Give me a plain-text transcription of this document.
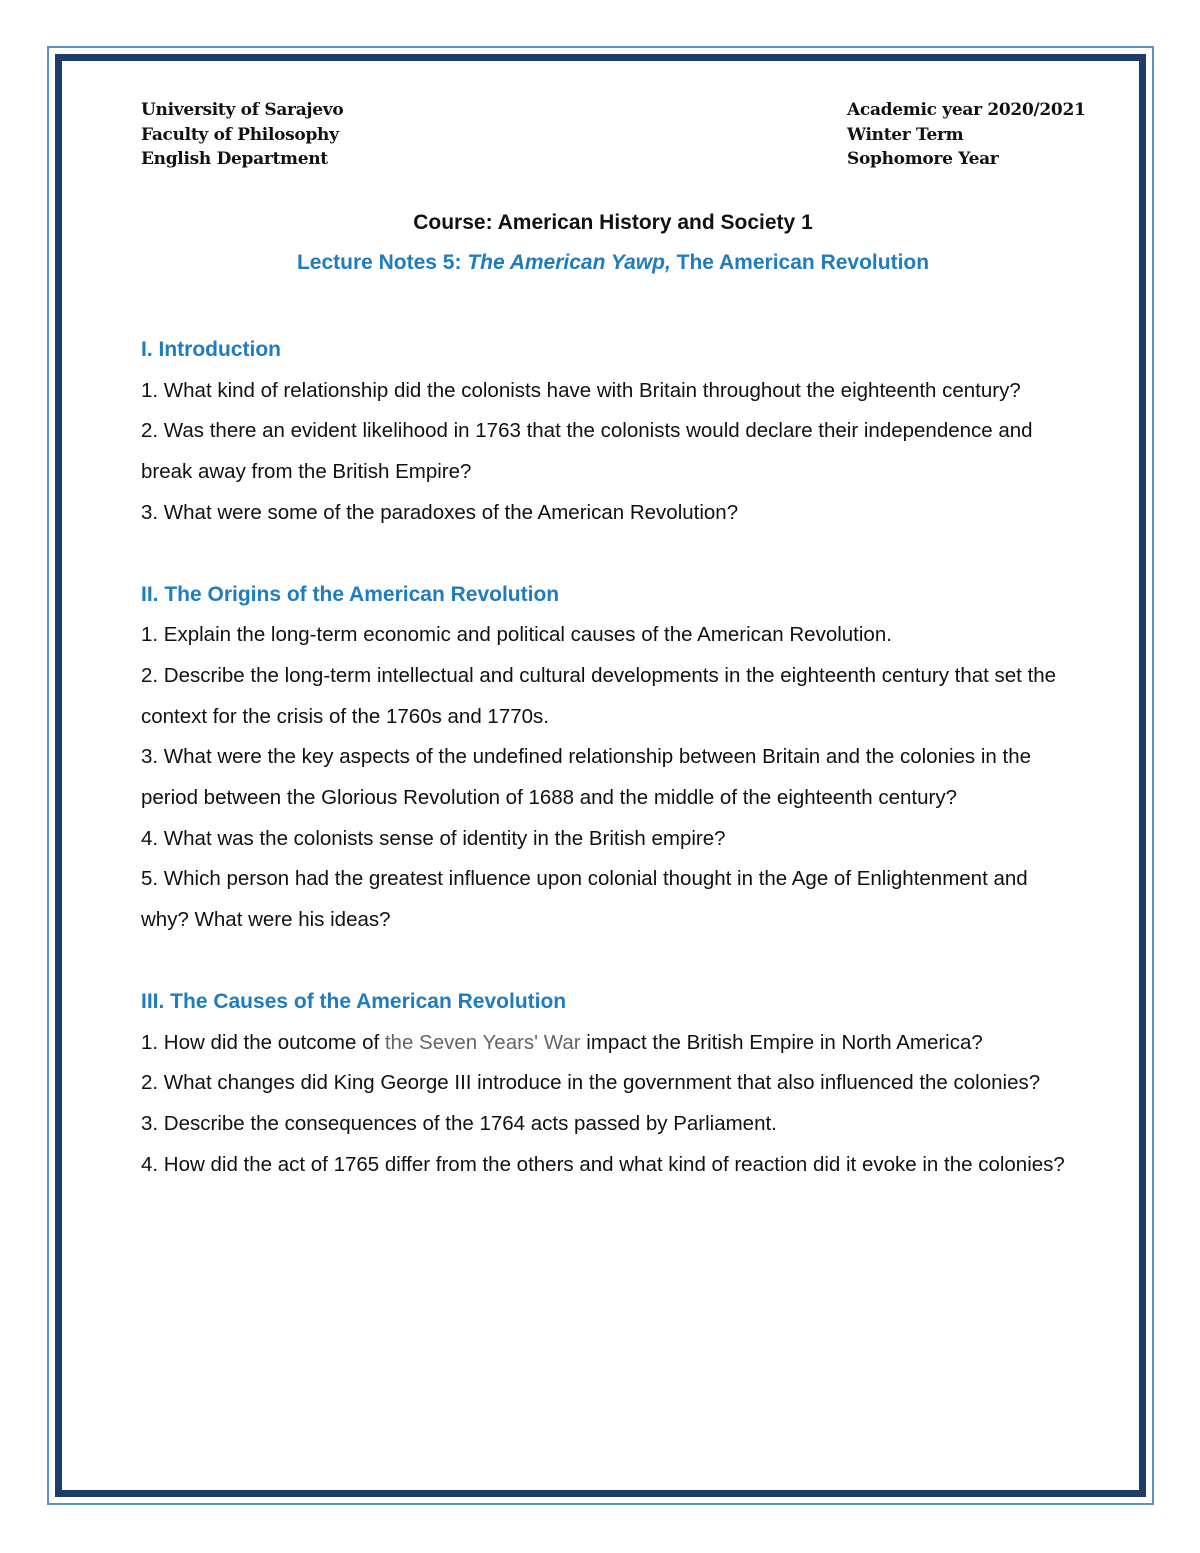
University of Sarajevo
Faculty of Philosophy
English Department
Academic year 2020/2021
Winter Term
Sophomore Year
Course: American History and Society 1
Lecture Notes 5: The American Yawp, The American Revolution
I. Introduction

1. What kind of relationship did the colonists have with Britain throughout the eighteenth century?

2. Was there an evident likelihood in 1763 that the colonists would declare their independence and break away from the British Empire?

3. What were some of the paradoxes of the American Revolution?

II. The Origins of the American Revolution

1. Explain the long-term economic and political causes of the American Revolution.

2. Describe the long-term intellectual and cultural developments in the eighteenth century that set the context for the crisis of the 1760s and 1770s.

3. What were the key aspects of the undefined relationship between Britain and the colonies in the period between the Glorious Revolution of 1688 and the middle of the eighteenth century?

4. What was the colonists sense of identity in the British empire?

5. Which person had the greatest influence upon colonial thought in the Age of Enlightenment and why? What were his ideas?

III. The Causes of the American Revolution

1. How did the outcome of the Seven Years' War impact the British Empire in North America?

2. What changes did King George III introduce in the government that also influenced the colonies?

3. Describe the consequences of the 1764 acts passed by Parliament.

4. How did the act of 1765 differ from the others and what kind of reaction did it evoke in the colonies?
